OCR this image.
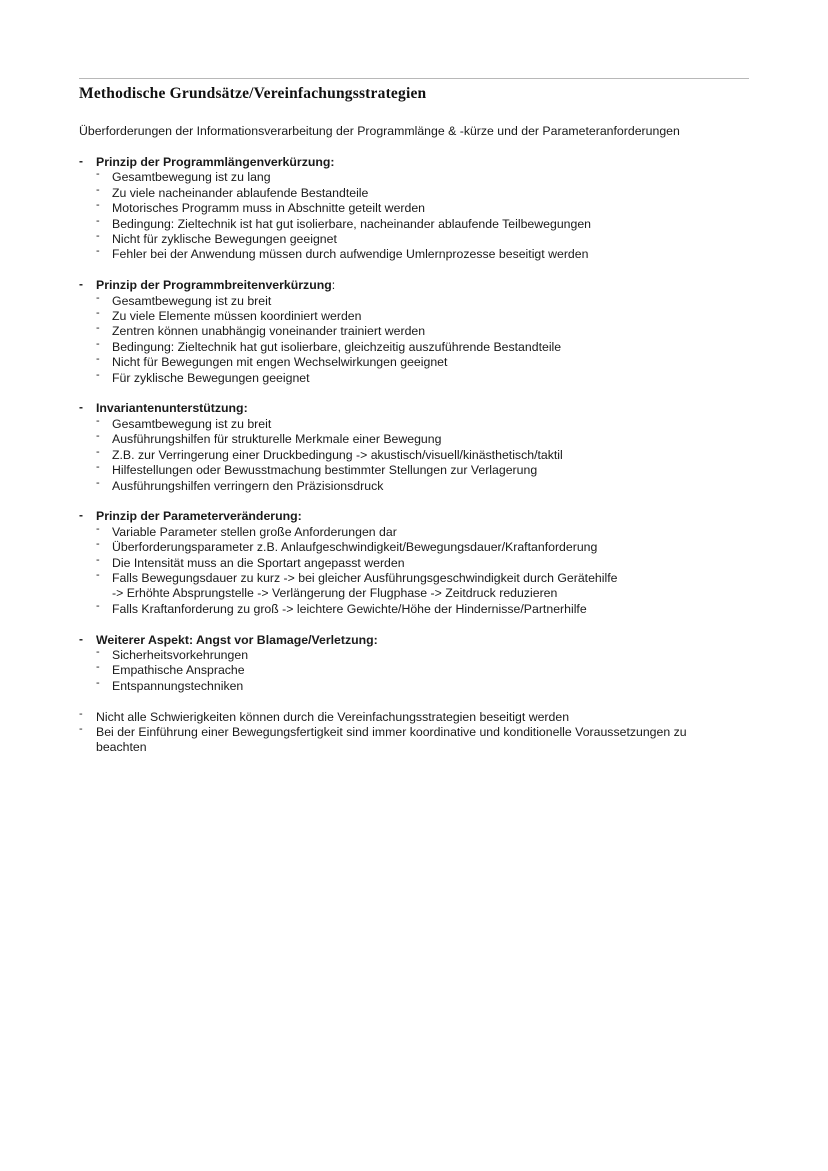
Methodische Grundsätze/Vereinfachungsstrategien
Überforderungen der Informationsverarbeitung der Programmlänge & -kürze und der Parameteranforderungen
- Prinzip der Programmlängenverkürzung:
- Gesamtbewegung ist zu lang
- Zu viele nacheinander ablaufende Bestandteile
- Motorisches Programm muss in Abschnitte geteilt werden
- Bedingung: Zieltechnik ist hat gut isolierbare, nacheinander ablaufende Teilbewegungen
- Nicht für zyklische Bewegungen geeignet
- Fehler bei der Anwendung müssen durch aufwendige Umlernprozesse beseitigt werden
- Prinzip der Programmbreitenverkürzung:
- Gesamtbewegung ist zu breit
- Zu viele Elemente müssen koordiniert werden
- Zentren können unabhängig voneinander trainiert werden
- Bedingung: Zieltechnik hat gut isolierbare, gleichzeitig auszuführende Bestandteile
- Nicht für Bewegungen mit engen Wechselwirkungen geeignet
- Für zyklische Bewegungen geeignet
- Invariantenunterstützung:
- Gesamtbewegung ist zu breit
- Ausführungshilfen für strukturelle Merkmale einer Bewegung
- Z.B. zur Verringerung einer Druckbedingung -> akustisch/visuell/kinästhetisch/taktil
- Hilfestellungen oder Bewusstmachung bestimmter Stellungen zur Verlagerung
- Ausführungshilfen verringern den Präzisionsdruck
- Prinzip der Parameterveränderung:
- Variable Parameter stellen große Anforderungen dar
- Überforderungsparameter z.B. Anlaufgeschwindigkeit/Bewegungsdauer/Kraftanforderung
- Die Intensität muss an die Sportart angepasst werden
- Falls Bewegungsdauer zu kurz -> bei gleicher Ausführungsgeschwindigkeit durch Gerätehilfe
-> Erhöhte Absprungstelle -> Verlängerung der Flugphase -> Zeitdruck reduzieren
- Falls Kraftanforderung zu groß -> leichtere Gewichte/Höhe der Hindernisse/Partnerhilfe
- Weiterer Aspekt: Angst vor Blamage/Verletzung:
- Sicherheitsvorkehrungen
- Empathische Ansprache
- Entspannungstechniken
- Nicht alle Schwierigkeiten können durch die Vereinfachungsstrategien beseitigt werden
- Bei der Einführung einer Bewegungsfertigkeit sind immer koordinative und konditionelle Voraussetzungen zu beachten
